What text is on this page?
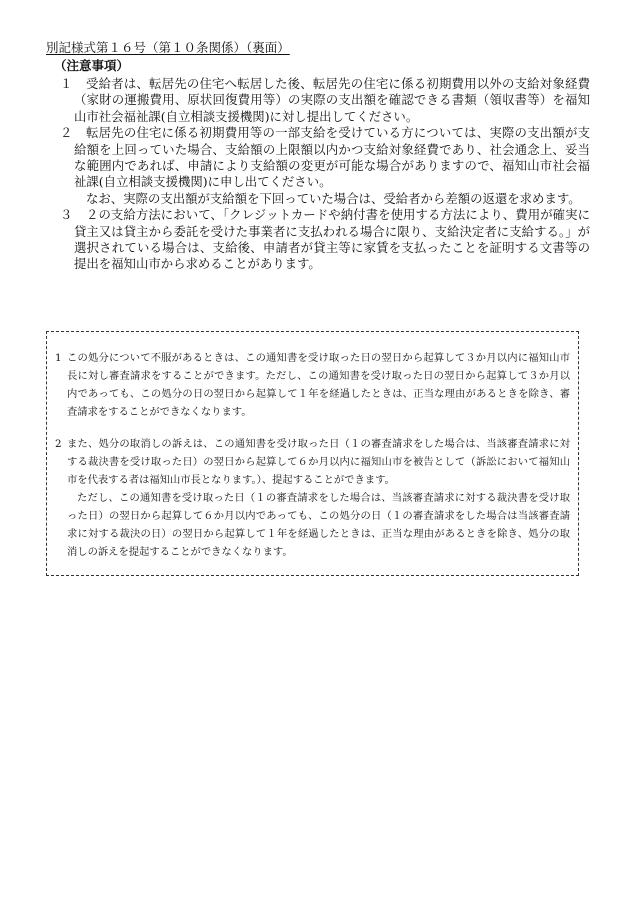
別記様式第１６号（第１０条関係）（裏面）
（注意事項）
１	受給者は、転居先の住宅へ転居した後、転居先の住宅に係る初期費用以外の支給対象経費（家財の運搬費用、原状回復費用等）の実際の支出額を確認できる書類（領収書等）を福知山市社会福祉課(自立相談支援機関)に対し提出してください。

２	転居先の住宅に係る初期費用等の一部支給を受けている方については、実際の支出額が支給額を上回っていた場合、支給額の上限額以内かつ支給対象経費であり、社会通念上、妥当な範囲内であれば、申請により支給額の変更が可能な場合がありますので、福知山市社会福祉課(自立相談支援機関)に申し出てください。

なお、実際の支出額が支給額を下回っていた場合は、受給者から差額の返還を求めます。

３	２の支給方法において、「クレジットカードや納付書を使用する方法により、費用が確実に貸主又は貸主から委託を受けた事業者に支払われる場合に限り、支給決定者に支給する。」が選択されている場合は、支給後、申請者が貸主等に家賃を支払ったことを証明する文書等の提出を福知山市から求めることがあります。

1 この処分について不服があるときは、この通知書を受け取った日の翌日から起算して３か月以内に福知山市長に対し審査請求をすることができます。ただし、この通知書を受け取った日の翌日から起算して３か月以内であっても、この処分の日の翌日から起算して１年を経過したときは、正当な理由があるときを除き、審査請求をすることができなくなります。

2 また、処分の取消しの訴えは、この通知書を受け取った日（１の審査請求をした場合は、当該審査請求に対する裁決書を受け取った日）の翌日から起算して６か月以内に福知山市を被告として（訴訟において福知山市を代表する者は福知山市長となります。）、提起することができます。

ただし、この通知書を受け取った日（１の審査請求をした場合は、当該審査請求に対する裁決書を受け取った日）の翌日から起算して６か月以内であっても、この処分の日（１の審査請求をした場合は当該審査請求に対する裁決の日）の翌日から起算して１年を経過したときは、正当な理由があるときを除き、処分の取消しの訴えを提起することができなくなります。
